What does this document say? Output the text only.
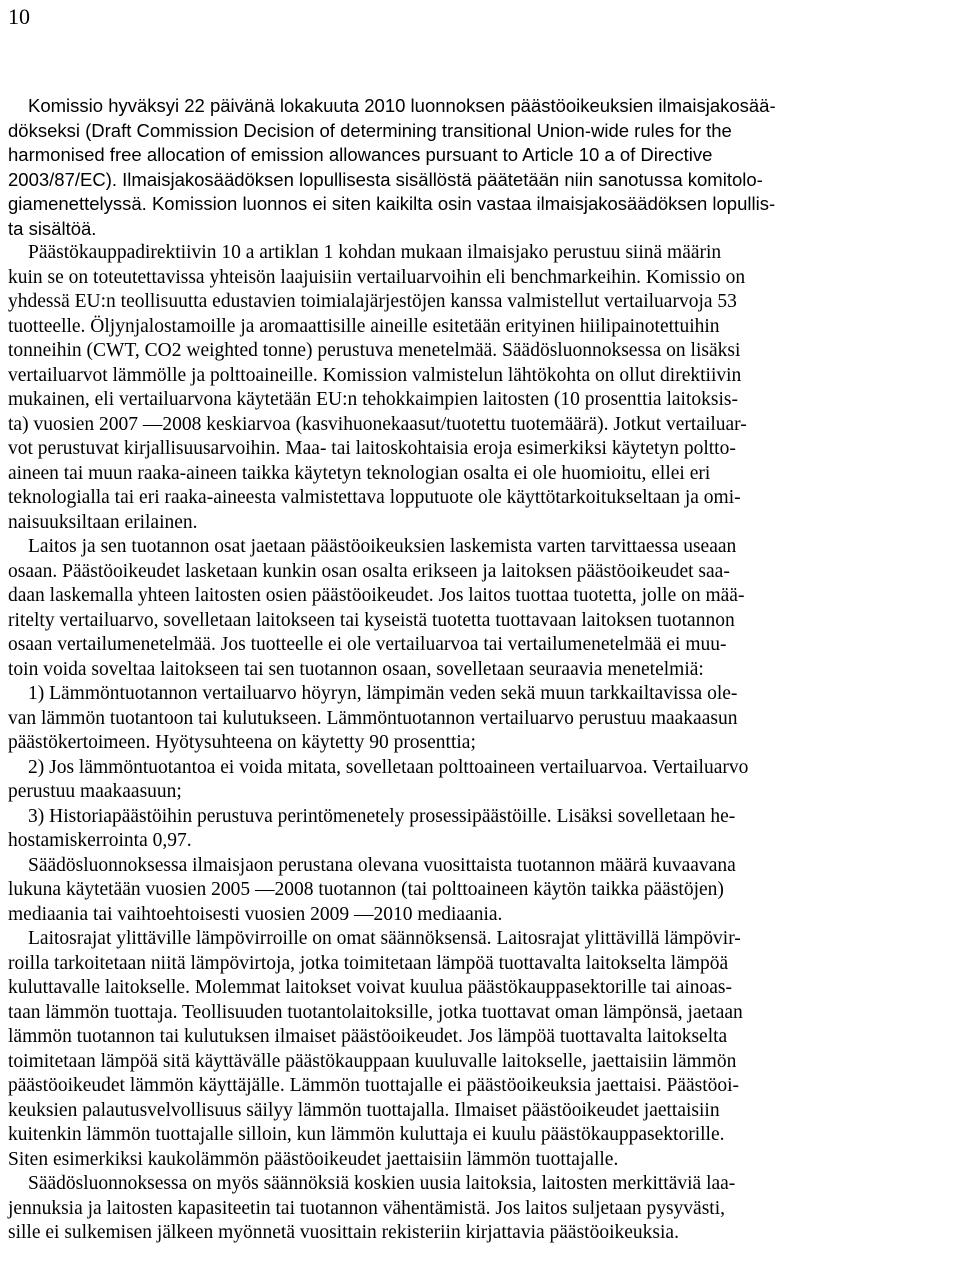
10

Komissio hyväksyi 22 päivänä lokakuuta 2010 luonnoksen päästöoikeuksien ilmaisjakosää-
dökseksi (Draft Commission Decision of determining transitional Union-wide rules for the
harmonised free allocation of emission allowances pursuant to Article 10 a of Directive
2003/87/EC). Ilmaisjakosäädöksen lopullisesta sisällöstä päätetään niin sanotussa komitolo-
giamenettelyssä. Komission luonnos ei siten kaikilta osin vastaa ilmaisjakosäädöksen lopullis-
ta sisältöä.

Päästökauppadirektiivin 10 a artiklan 1 kohdan mukaan ilmaisjako perustuu siinä määrin
kuin se on toteutettavissa yhteisön laajuisiin vertailuarvoihin eli benchmarkeihin. Komissio on
yhdessä EU:n teollisuutta edustavien toimialajärjestöjen kanssa valmistellut vertailuarvoja 53
tuotteelle. Öljynjalostamoille ja aromaattisille aineille esitetään erityinen hiilipainotettuihin
tonneihin (CWT, CO2 weighted tonne) perustuva menetelmää. Säädösluonnoksessa on lisäksi
vertailuarvot lämmölle ja polttoaineille. Komission valmistelun lähtökohta on ollut direktiivin
mukainen, eli vertailuarvona käytetään EU:n tehokkaimpien laitosten (10 prosenttia laitoksis-
ta) vuosien 2007 —2008 keskiarvoa (kasvihuonekaasut/tuotettu tuotemäärä). Jotkut vertailuar-
vot perustuvat kirjallisuusarvoihin. Maa- tai laitoskohtaisia eroja esimerkiksi käytetyn poltto-
aineen tai muun raaka-aineen taikka käytetyn teknologian osalta ei ole huomioitu, ellei eri
teknologialla tai eri raaka-aineesta valmistettava lopputuote ole käyttötarkoitukseltaan ja omi-
naisuuksiltaan erilainen.

Laitos ja sen tuotannon osat jaetaan päästöoikeuksien laskemista varten tarvittaessa useaan
osaan. Päästöoikeudet lasketaan kunkin osan osalta erikseen ja laitoksen päästöoikeudet saa-
daan laskemalla yhteen laitosten osien päästöoikeudet. Jos laitos tuottaa tuotetta, jolle on mää-
ritelty vertailuarvo, sovelletaan laitokseen tai kyseistä tuotetta tuottavaan laitoksen tuotannon
osaan vertailumenetelmää. Jos tuotteelle ei ole vertailuarvoa tai vertailumenetelmää ei muu-
toin voida soveltaa laitokseen tai sen tuotannon osaan, sovelletaan seuraavia menetelmiä:

1) Lämmöntuotannon vertailuarvo höyryn, lämpimän veden sekä muun tarkkailtavissa ole-
van lämmön tuotantoon tai kulutukseen. Lämmöntuotannon vertailuarvo perustuu maakaasun
päästökertoimeen. Hyötysuhteena on käytetty 90 prosenttia;

2) Jos lämmöntuotantoa ei voida mitata, sovelletaan polttoaineen vertailuarvoa. Vertailuarvo
perustuu maakaasuun;

3) Historiapäästöihin perustuva perintömenetely prosessipäästöille. Lisäksi sovelletaan he-
hostamiskerrointa 0,97.

Säädösluonnoksessa ilmaisjaon perustana olevana vuosittaista tuotannon määrä kuvaavana
lukuna käytetään vuosien 2005 —2008 tuotannon (tai polttoaineen käytön taikka päästöjen)
mediaania tai vaihtoehtoisesti vuosien 2009 —2010 mediaania.

Laitosrajat ylittäville lämpövirroille on omat säännöksensä. Laitosrajat ylittävillä lämpövir-
roilla tarkoitetaan niitä lämpövirtoja, jotka toimitetaan lämpöä tuottavalta laitokselta lämpöä
kuluttavalle laitokselle. Molemmat laitokset voivat kuulua päästökauppasektorille tai ainoas-
taan lämmön tuottaja. Teollisuuden tuotantolaitoksille, jotka tuottavat oman lämpönsä, jaetaan
lämmön tuotannon tai kulutuksen ilmaiset päästöoikeudet. Jos lämpöä tuottavalta laitokselta
toimitetaan lämpöä sitä käyttävälle päästökauppaan kuuluvalle laitokselle, jaettaisiin lämmön
päästöoikeudet lämmön käyttäjälle. Lämmön tuottajalle ei päästöoikeuksia jaettaisi. Päästöoi-
keuksien palautusvelvollisuus säilyy lämmön tuottajalla. Ilmaiset päästöoikeudet jaettaisiin
kuitenkin lämmön tuottajalle silloin, kun lämmön kuluttaja ei kuulu päästökauppasektorille.
Siten esimerkiksi kaukolämmön päästöoikeudet jaettaisiin lämmön tuottajalle.

Säädösluonnoksessa on myös säännöksiä koskien uusia laitoksia, laitosten merkittäviä laa-
jennuksia ja laitosten kapasiteetin tai tuotannon vähentämistä. Jos laitos suljetaan pysyvästi,
sille ei sulkemisen jälkeen myönnetä vuosittain rekisteriin kirjattavia päästöoikeuksia.
